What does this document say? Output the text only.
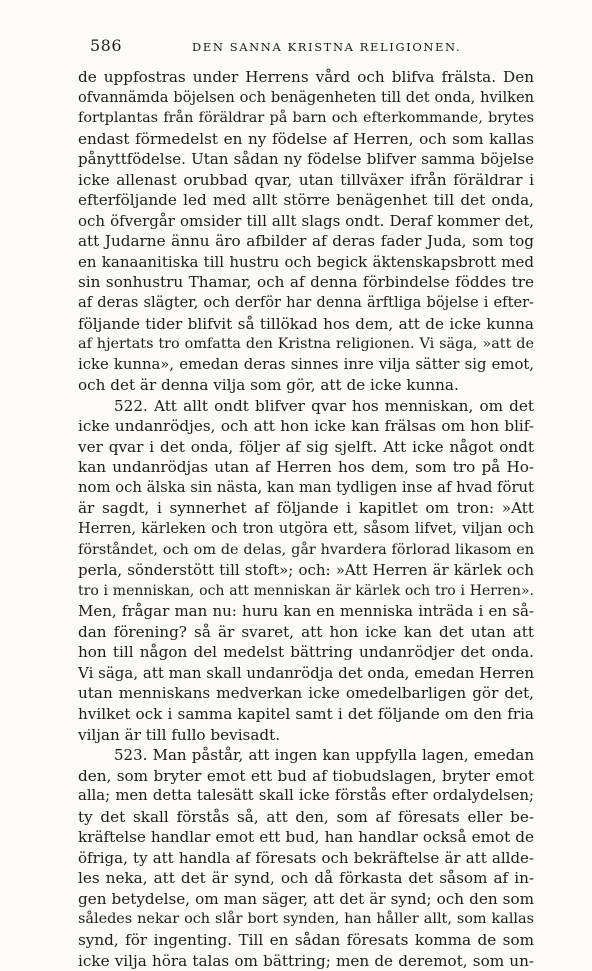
586	DEN SANNA KRISTNA RELIGIONEN.
de uppfostras under Herrens vård och blifva frälsta. Den
ofvannämda böjelsen och benägenheten till det onda, hvilken
fortplantas från föräldrar på barn och efterkommande, brytes
endast förmedelst en ny födelse af Herren, och som kallas
pånyttfödelse. Utan sådan ny födelse blifver samma böjelse
icke allenast orubbad qvar, utan tillväxer ifrån föräldrar i
efterföljande led med allt större benägenhet till det onda,
och öfvergår omsider till allt slags ondt. Deraf kommer det,
att Judarne ännu äro afbilder af deras fader Juda, som tog
en kanaanitiska till hustru och begick äktenskapsbrott med
sin sonhustru Thamar, och af denna förbindelse föddes tre
af deras slägter, och derför har denna ärftliga böjelse i efter-
följande tider blifvit så tillökad hos dem, att de icke kunna
af hjertats tro omfatta den Kristna religionen. Vi säga, »att de
icke kunna», emedan deras sinnes inre vilja sätter sig emot,
och det är denna vilja som gör, att de icke kunna.
522. Att allt ondt blifver qvar hos menniskan, om det
icke undanrödjes, och att hon icke kan frälsas om hon blif-
ver qvar i det onda, följer af sig sjelft. Att icke något ondt
kan undanrödjas utan af Herren hos dem, som tro på Ho-
nom och älska sin nästa, kan man tydligen inse af hvad förut
är sagdt, i synnerhet af följande i kapitlet om tron: »Att
Herren, kärleken och tron utgöra ett, såsom lifvet, viljan och
förståndet, och om de delas, går hvardera förlorad likasom en
perla, sönderstött till stoft»; och: »Att Herren är kärlek och
tro i menniskan, och att menniskan är kärlek och tro i Herren».
Men, frågar man nu: huru kan en menniska inträda i en så-
dan förening? så är svaret, att hon icke kan det utan att
hon till någon del medelst bättring undanrödjer det onda.
Vi säga, att man skall undanrödja det onda, emedan Herren
utan menniskans medverkan icke omedelbarligen gör det,
hvilket ock i samma kapitel samt i det följande om den fria
viljan är till fullo bevisadt.
523. Man påstår, att ingen kan uppfylla lagen, emedan
den, som bryter emot ett bud af tiobudslagen, bryter emot
alla; men detta talesätt skall icke förstås efter ordalydelsen;
ty det skall förstås så, att den, som af föresats eller be-
kräftelse handlar emot ett bud, han handlar också emot de
öfriga, ty att handla af föresats och bekräftelse är att allde-
les neka, att det är synd, och då förkasta det såsom af in-
gen betydelse, om man säger, att det är synd; och den som
således nekar och slår bort synden, han håller allt, som kallas
synd, för ingenting. Till en sådan föresats komma de som
icke vilja höra talas om bättring; men de deremot, som un-
